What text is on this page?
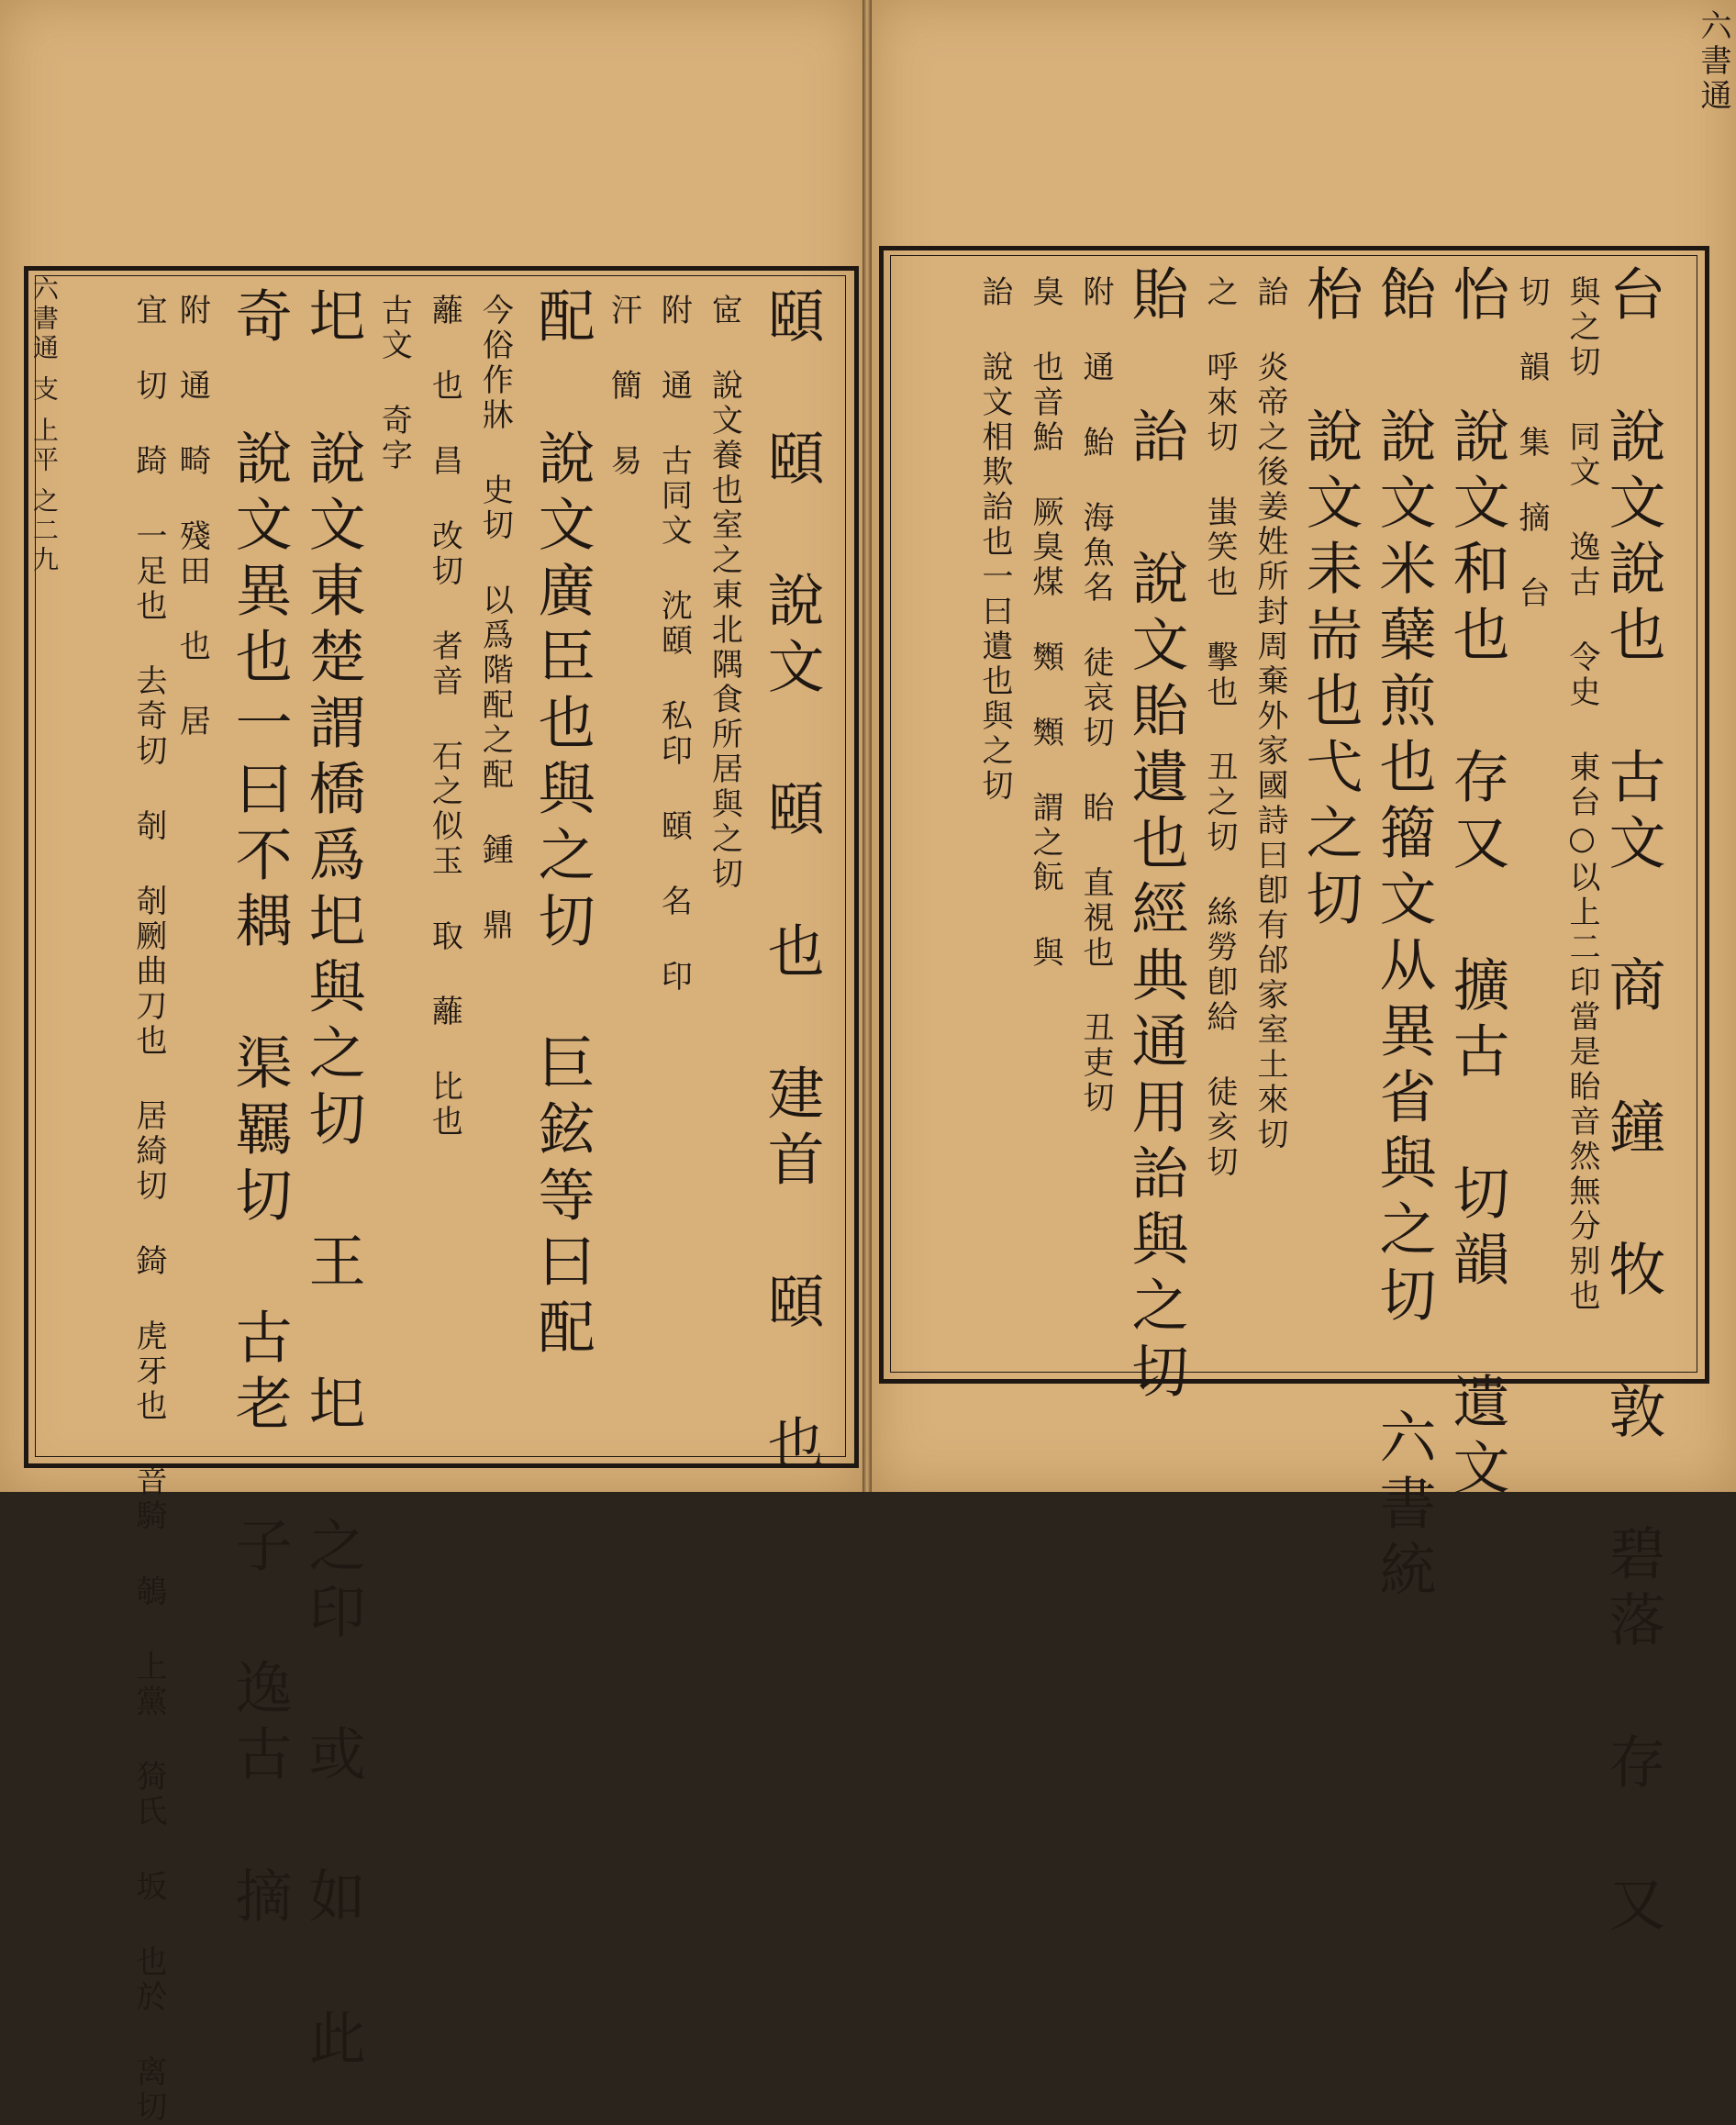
六書通
六書通 支 上平 之二九	台 說文說也 古文 商 鐘 牧 敦 碧落 存 又
與之切 同文 逸古 令史 東台○以上二印當是眙音然無分别也
切 韻 集 摘 台
怡 說文和也 存又 擴古 切韻 遺文
飴 說文米蘖煎也籀文从異省與之切 六書統
枱 說文耒耑也弋之切
詒 炎帝之後姜姓所封周棄外家國詩曰卽有邰家室土來切
之 呼來切 蚩笑也 擊也 丑之切 絲勞卽給 徒亥切
貽 詒 說文貽遺也經典通用詒與之切
附 通 鮐 海魚名 徒哀切 眙 直視也 丑吏切
臭 也音鮐 厥臭煤 䫶 䫶 謂之䬧 與
詒 說文相欺詒也一曰遺也與之切
頤 頤 說文 頤 也 建首 頤 也
宧 說文養也室之東北隅食所居與之切
附 通 古同文 沈頤 私印 頤 名 印
汗 簡 易
配 說文廣臣也與之切 巨鉉等曰配
今俗作牀 史切 以爲階配之配 鍾 鼎
蘺 也 昌 改切 者音 石之似玉 取 蘺 比也
古文 奇字
圯 說文東楚謂橋爲圯與之切 王 圯 之印 或 如 此
奇 說文異也一曰不耦 渠羈切 古老 子 逸古 摘
附 通 畸 殘田 也 居
宜 切 踦 一足也 去奇切 剞 剞劂曲刀也 居綺切 錡 虎牙也 音騎 鵸 上黨 猗氏 坂 也於 离切
